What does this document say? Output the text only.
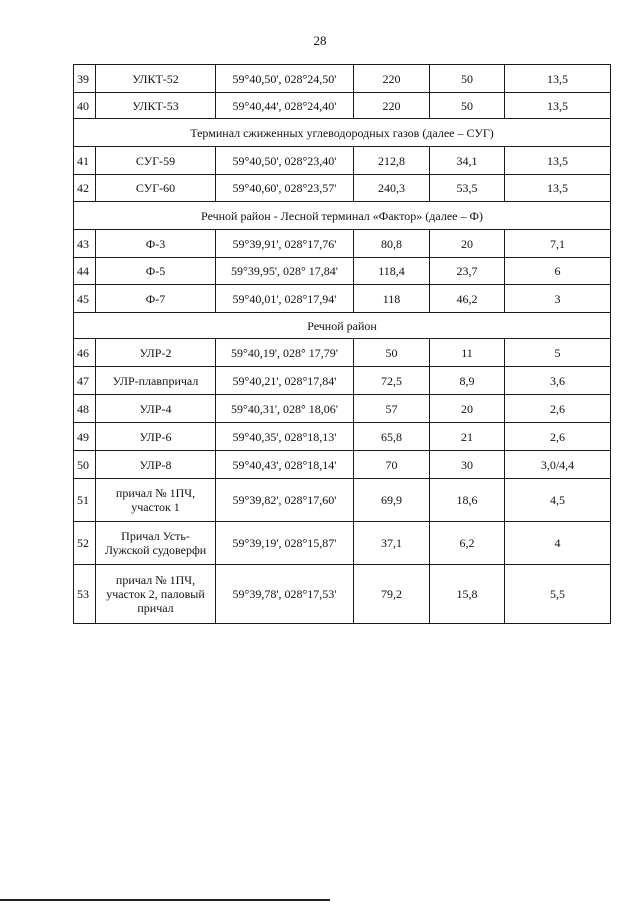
28
39	УЛКТ-52	59°40,50', 028°24,50'	220	50	13,5
40	УЛКТ-53	59°40,44', 028°24,40'	220	50	13,5
Терминал сжиженных углеводородных газов (далее – СУГ)					
41	СУГ-59	59°40,50', 028°23,40'	212,8	34,1	13,5
42	СУГ-60	59°40,60', 028°23,57'	240,3	53,5	13,5
Речной район - Лесной терминал «Фактор» (далее – Ф)					
43	Ф-3	59°39,91', 028°17,76'	80,8	20	7,1
44	Ф-5	59°39,95', 028° 17,84'	118,4	23,7	6
45	Ф-7	59°40,01', 028°17,94'	118	46,2	3
Речной район					
46	УЛР-2	59°40,19', 028° 17,79'	50	11	5
47	УЛР-плавпричал	59°40,21', 028°17,84'	72,5	8,9	3,6
48	УЛР-4	59°40,31', 028° 18,06'	57	20	2,6
49	УЛР-6	59°40,35', 028°18,13'	65,8	21	2,6
50	УЛР-8	59°40,43', 028°18,14'	70	30	3,0/4,4
51	причал № 1ПЧ, участок 1	59°39,82', 028°17,60'	69,9	18,6	4,5
52	Причал Усть-Лужской судоверфи	59°39,19', 028°15,87'	37,1	6,2	4
53	причал № 1ПЧ, участок 2, паловый причал	59°39,78', 028°17,53'	79,2	15,8	5,5
